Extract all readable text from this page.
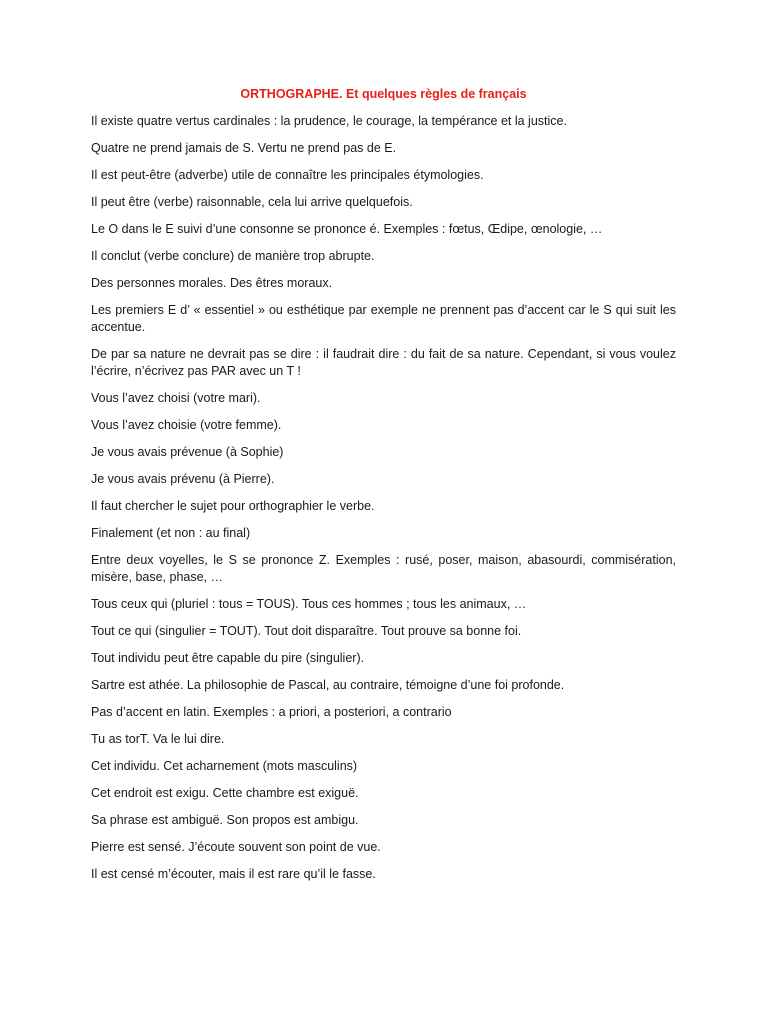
ORTHOGRAPHE. Et quelques règles de français

Il existe quatre vertus cardinales : la prudence, le courage, la tempérance et la justice.

Quatre ne prend jamais de S. Vertu ne prend pas de E.

Il est peut-être (adverbe) utile de connaître les principales étymologies.

Il peut être (verbe) raisonnable, cela lui arrive quelquefois.

Le O dans le E suivi d’une consonne se prononce é. Exemples : fœtus, Œdipe, œnologie, …

Il conclut (verbe conclure) de manière trop abrupte.

Des personnes morales. Des êtres moraux.

Les premiers E d’ « essentiel » ou esthétique par exemple ne prennent pas d’accent car le S qui suit les accentue.

De par sa nature ne devrait pas se dire : il faudrait dire : du fait de sa nature. Cependant, si vous voulez l’écrire, n’écrivez pas PAR avec un T !

Vous l’avez choisi (votre mari).

Vous l’avez choisie (votre femme).

Je vous avais prévenue (à Sophie)

Je vous avais prévenu (à Pierre).

Il faut chercher le sujet pour orthographier le verbe.

Finalement (et non : au final)

Entre deux voyelles, le S se prononce Z. Exemples : rusé, poser, maison, abasourdi, commisération, misère, base, phase, …

Tous ceux qui (pluriel : tous = TOUS). Tous ces hommes ; tous les animaux, …

Tout ce qui (singulier = TOUT). Tout doit disparaître. Tout prouve sa bonne foi.

Tout individu peut être capable du pire (singulier).

Sartre est athée. La philosophie de Pascal, au contraire, témoigne d’une foi profonde.

Pas d’accent en latin. Exemples : a priori, a posteriori, a contrario

Tu as torT. Va le lui dire.

Cet individu. Cet acharnement (mots masculins)

Cet endroit est exigu. Cette chambre est exiguë.

Sa phrase est ambiguë. Son propos est ambigu.

Pierre est sensé. J’écoute souvent son point de vue.

Il est censé m’écouter, mais il est rare qu’il le fasse.
